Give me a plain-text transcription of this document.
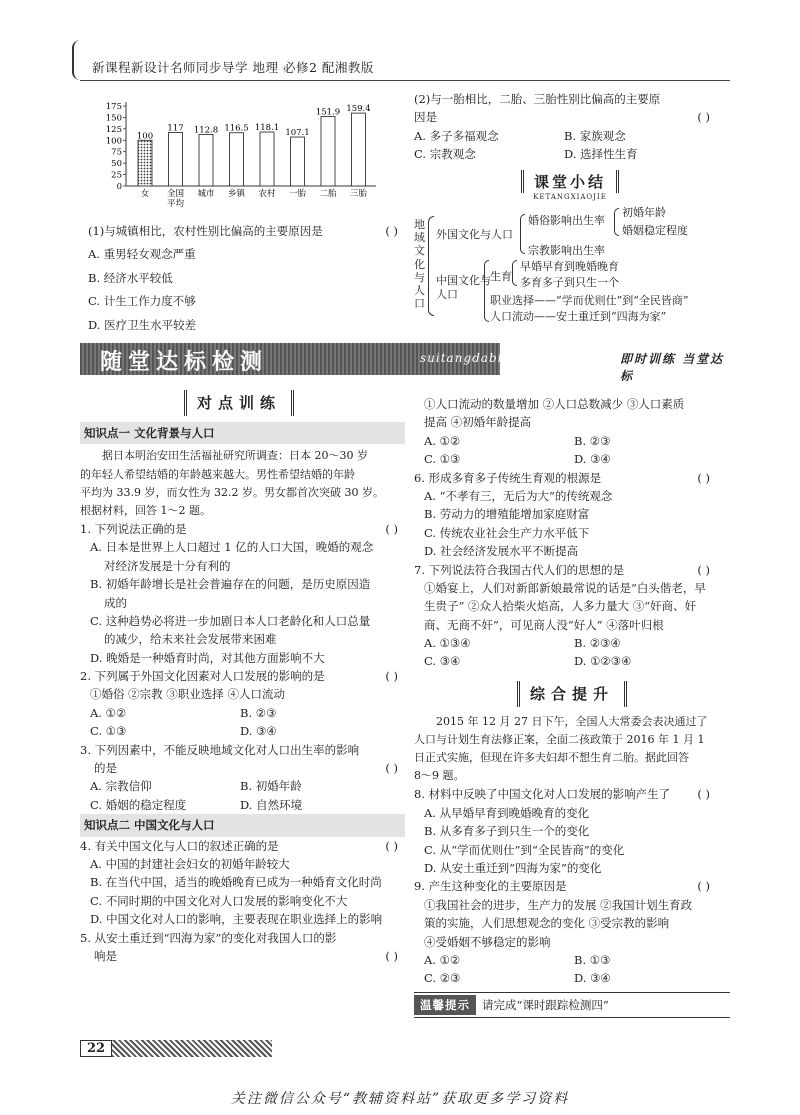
新课程新设计名师同步导学 地理 必修2 配湘教版
175
150
125
100
75
50
25
0
100
女
117
全国
平均
112.8
城市
116.5
乡镇
118.1
农村
107.1
一胎
151.9
二胎
159.4
三胎
(1)与城镇相比，农村性别比偏高的主要原因是	( )
A. 重男轻女观念严重
B. 经济水平较低
C. 计生工作力度不够
D. 医疗卫生水平较差
(2)与一胎相比，二胎、三胎性别比偏高的主要原
因是	( )
A. 多子多福观念	B. 家族观念
C. 宗教观念	D. 选择性生育
课堂小结
KETANGXIAOJIE
地域文化与人口
外国文化与人口
婚俗影响出生率
初婚年龄
婚姻稳定程度
宗教影响出生率
中国文化与人口
生育
早婚早育到晚婚晚育
多育多子到只生一个
职业选择——“学而优则仕”到“全民皆商”
人口流动——安土重迁到“四海为家”
随堂达标检测	suitangdabiaojiance	即时训练 当堂达标
对点训练
知识点一 文化背景与人口
据日本明治安田生活福祉研究所调查：日本 20～30 岁
的年轻人希望结婚的年龄越来越大。男性希望结婚的年龄
平均为 33.9 岁，而女性为 32.2 岁。男女都首次突破 30 岁。
根据材料，回答 1～2 题。
1. 下列说法正确的是	( )
A. 日本是世界上人口超过 1 亿的人口大国，晚婚的观念
对经济发展是十分有利的
B. 初婚年龄增长是社会普遍存在的问题，是历史原因造
成的
C. 这种趋势必将进一步加剧日本人口老龄化和人口总量
的减少，给未来社会发展带来困难
D. 晚婚是一种婚育时尚，对其他方面影响不大
2. 下列属于外国文化因素对人口发展的影响的是	( )
①婚俗 ②宗教 ③职业选择 ④人口流动
A. ①②	B. ②③
C. ①③	D. ③④
3. 下列因素中，不能反映地域文化对人口出生率的影响
的是	( )
A. 宗教信仰	B. 初婚年龄
C. 婚姻的稳定程度	D. 自然环境
知识点二 中国文化与人口
4. 有关中国文化与人口的叙述正确的是	( )
A. 中国的封建社会妇女的初婚年龄较大
B. 在当代中国，适当的晚婚晚育已成为一种婚育文化时尚
C. 不同时期的中国文化对人口发展的影响变化不大
D. 中国文化对人口的影响，主要表现在职业选择上的影响
5. 从安土重迁到“四海为家”的变化对我国人口的影
响是	( )
①人口流动的数量增加 ②人口总数减少 ③人口素质
提高 ④初婚年龄提高
A. ①②	B. ②③
C. ①③	D. ③④
6. 形成多育多子传统生育观的根源是	( )
A. “不孝有三，无后为大”的传统观念
B. 劳动力的增殖能增加家庭财富
C. 传统农业社会生产力水平低下
D. 社会经济发展水平不断提高
7. 下列说法符合我国古代人们的思想的是	( )
①婚宴上，人们对新郎新娘最常说的话是“白头偕老，早
生贵子” ②众人拾柴火焰高，人多力量大 ③“奸商、奸
商、无商不奸”，可见商人没“好人” ④落叶归根
A. ①③④	B. ②③④
C. ③④	D. ①②③④
综合提升
2015 年 12 月 27 日下午，全国人大常委会表决通过了
人口与计划生育法修正案，全面二孩政策于 2016 年 1 月 1
日正式实施，但现在许多夫妇却不想生育二胎。据此回答
8～9 题。
8. 材料中反映了中国文化对人口发展的影响产生了 ( )
A. 从早婚早育到晚婚晚育的变化
B. 从多育多子到只生一个的变化
C. 从“学而优则仕”到“全民皆商”的变化
D. 从安土重迁到“四海为家”的变化
9. 产生这种变化的主要原因是	( )
①我国社会的进步，生产力的发展 ②我国计划生育政
策的实施，人们思想观念的变化 ③受宗教的影响
④受婚姻不够稳定的影响
A. ①②	B. ①③
C. ②③	D. ③④
温馨提示	请完成“课时跟踪检测四”
22
关注微信公众号“教辅资料站”获取更多学习资料
